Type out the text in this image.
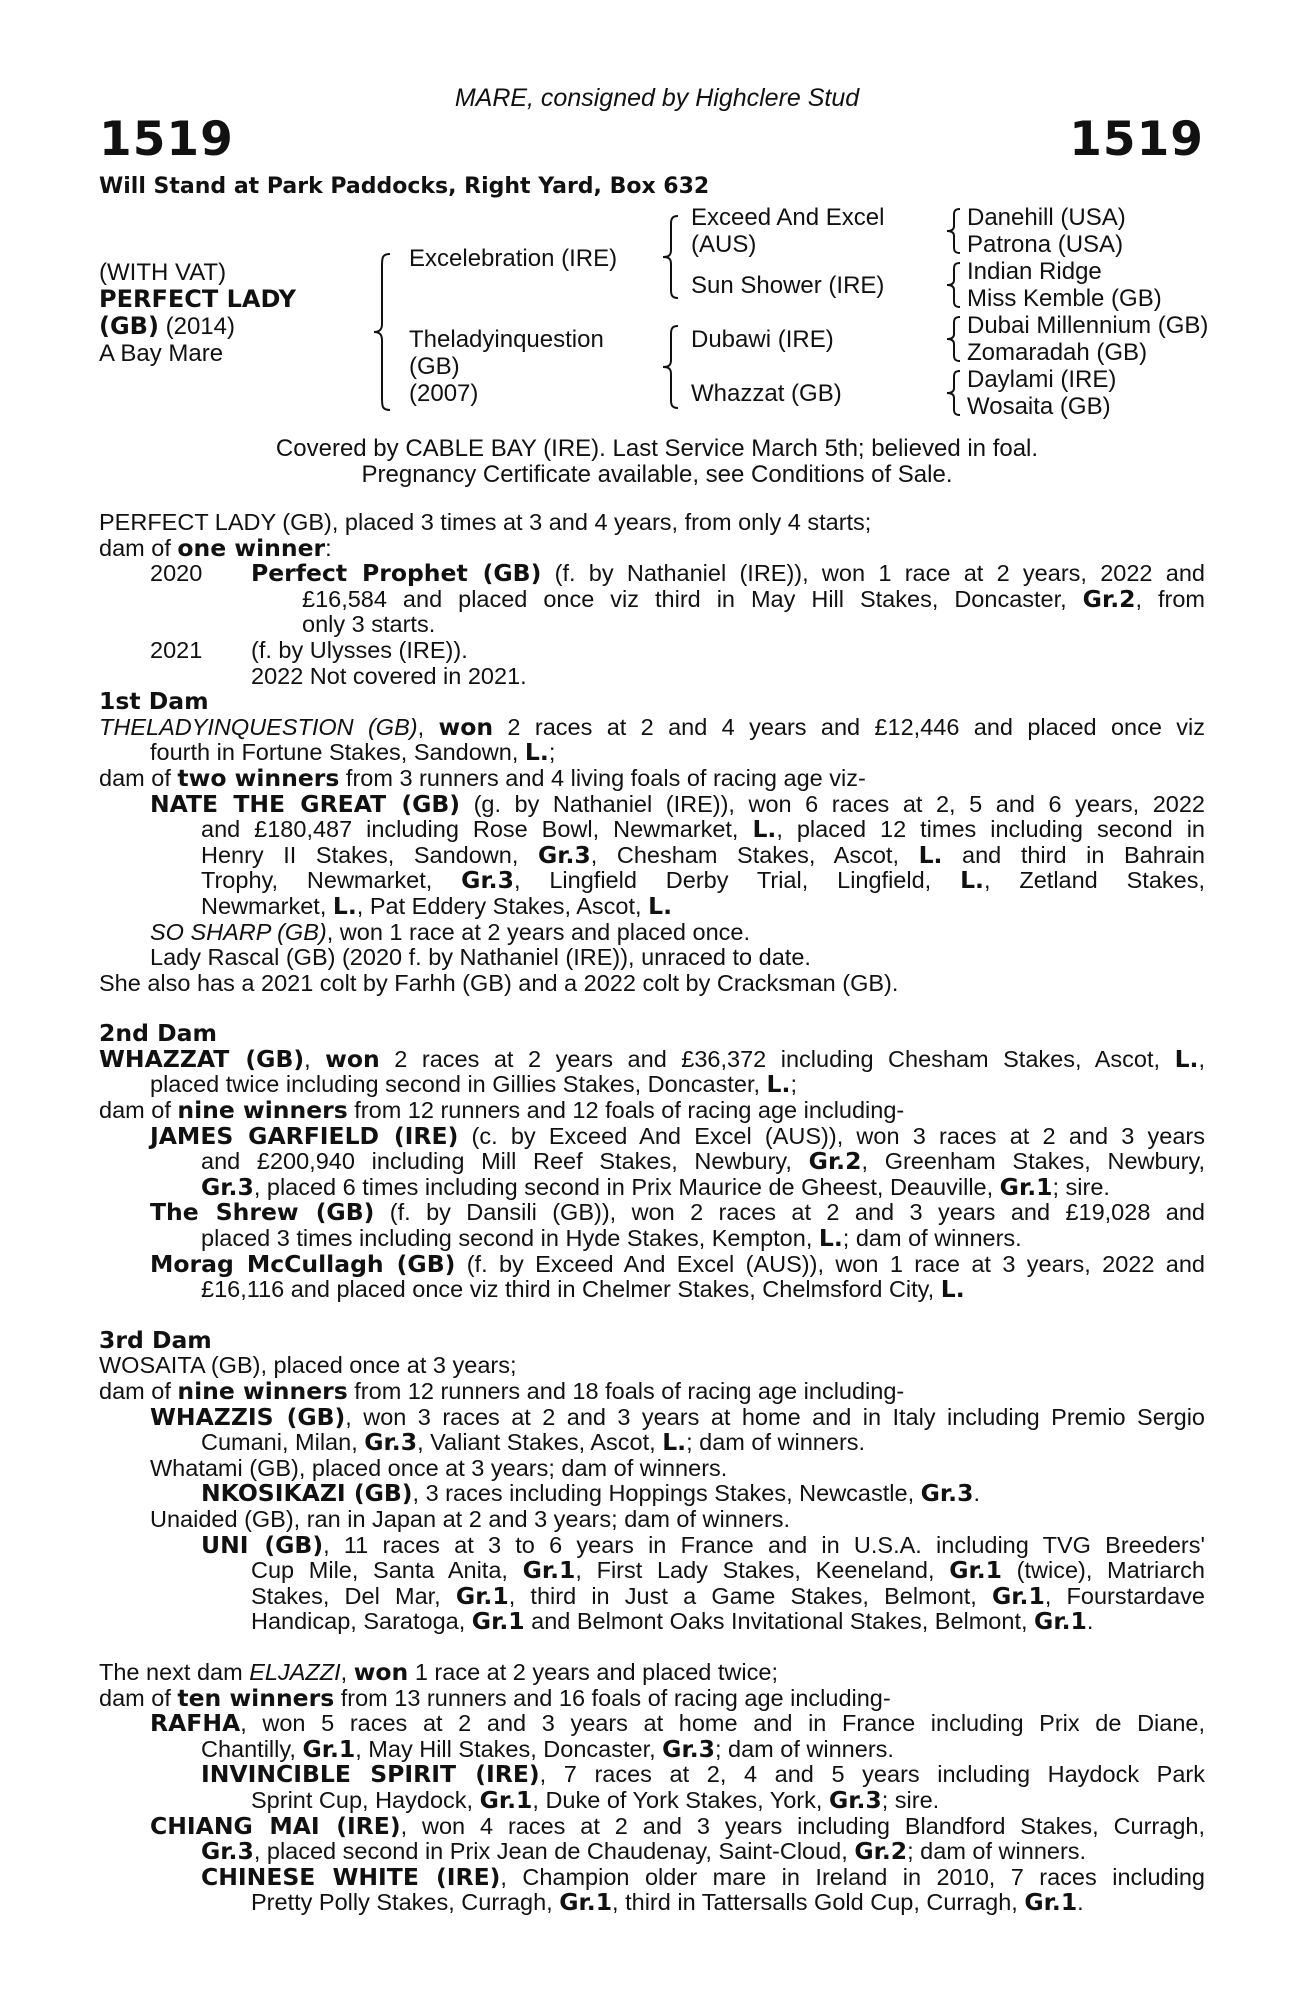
MARE, consigned by Highclere Stud
1519	1519
Will Stand at Park Paddocks, Right Yard, Box 632
(WITH VAT)
PERFECT LADY
(GB) (2014)
A Bay Mare
Excelebration (IRE)
Theladyinquestion
(GB)
(2007)
Exceed And Excel
(AUS)
Sun Shower (IRE)
Dubawi (IRE)
Whazzat (GB)
Danehill (USA)
Patrona (USA)
Indian Ridge
Miss Kemble (GB)
Dubai Millennium (GB)
Zomaradah (GB)
Daylami (IRE)
Wosaita (GB)
Covered by CABLE BAY (IRE). Last Service March 5th; believed in foal.
Pregnancy Certificate available, see Conditions of Sale.
PERFECT LADY (GB), placed 3 times at 3 and 4 years, from only 4 starts;
dam of one winner:
2020	Perfect Prophet (GB) (f. by Nathaniel (IRE)), won 1 race at 2 years, 2022 and
£16,584 and placed once viz third in May Hill Stakes, Doncaster, Gr.2, from
only 3 starts.
2021	(f. by Ulysses (IRE)).
2022 Not covered in 2021.
1st Dam
THELADYINQUESTION (GB), won 2 races at 2 and 4 years and £12,446 and placed once viz
fourth in Fortune Stakes, Sandown, L.;
dam of two winners from 3 runners and 4 living foals of racing age viz-
NATE THE GREAT (GB) (g. by Nathaniel (IRE)), won 6 races at 2, 5 and 6 years, 2022
and £180,487 including Rose Bowl, Newmarket, L., placed 12 times including second in
Henry II Stakes, Sandown, Gr.3, Chesham Stakes, Ascot, L. and third in Bahrain
Trophy, Newmarket, Gr.3, Lingfield Derby Trial, Lingfield, L., Zetland Stakes,
Newmarket, L., Pat Eddery Stakes, Ascot, L.
SO SHARP (GB), won 1 race at 2 years and placed once.
Lady Rascal (GB) (2020 f. by Nathaniel (IRE)), unraced to date.
She also has a 2021 colt by Farhh (GB) and a 2022 colt by Cracksman (GB).
2nd Dam
WHAZZAT (GB), won 2 races at 2 years and £36,372 including Chesham Stakes, Ascot, L.,
placed twice including second in Gillies Stakes, Doncaster, L.;
dam of nine winners from 12 runners and 12 foals of racing age including-
JAMES GARFIELD (IRE) (c. by Exceed And Excel (AUS)), won 3 races at 2 and 3 years
and £200,940 including Mill Reef Stakes, Newbury, Gr.2, Greenham Stakes, Newbury,
Gr.3, placed 6 times including second in Prix Maurice de Gheest, Deauville, Gr.1; sire.
The Shrew (GB) (f. by Dansili (GB)), won 2 races at 2 and 3 years and £19,028 and
placed 3 times including second in Hyde Stakes, Kempton, L.; dam of winners.
Morag McCullagh (GB) (f. by Exceed And Excel (AUS)), won 1 race at 3 years, 2022 and
£16,116 and placed once viz third in Chelmer Stakes, Chelmsford City, L.
3rd Dam
WOSAITA (GB), placed once at 3 years;
dam of nine winners from 12 runners and 18 foals of racing age including-
WHAZZIS (GB), won 3 races at 2 and 3 years at home and in Italy including Premio Sergio
Cumani, Milan, Gr.3, Valiant Stakes, Ascot, L.; dam of winners.
Whatami (GB), placed once at 3 years; dam of winners.
NKOSIKAZI (GB), 3 races including Hoppings Stakes, Newcastle, Gr.3.
Unaided (GB), ran in Japan at 2 and 3 years; dam of winners.
UNI (GB), 11 races at 3 to 6 years in France and in U.S.A. including TVG Breeders'
Cup Mile, Santa Anita, Gr.1, First Lady Stakes, Keeneland, Gr.1 (twice), Matriarch
Stakes, Del Mar, Gr.1, third in Just a Game Stakes, Belmont, Gr.1, Fourstardave
Handicap, Saratoga, Gr.1 and Belmont Oaks Invitational Stakes, Belmont, Gr.1.
The next dam ELJAZZI, won 1 race at 2 years and placed twice;
dam of ten winners from 13 runners and 16 foals of racing age including-
RAFHA, won 5 races at 2 and 3 years at home and in France including Prix de Diane,
Chantilly, Gr.1, May Hill Stakes, Doncaster, Gr.3; dam of winners.
INVINCIBLE SPIRIT (IRE), 7 races at 2, 4 and 5 years including Haydock Park
Sprint Cup, Haydock, Gr.1, Duke of York Stakes, York, Gr.3; sire.
CHIANG MAI (IRE), won 4 races at 2 and 3 years including Blandford Stakes, Curragh,
Gr.3, placed second in Prix Jean de Chaudenay, Saint-Cloud, Gr.2; dam of winners.
CHINESE WHITE (IRE), Champion older mare in Ireland in 2010, 7 races including
Pretty Polly Stakes, Curragh, Gr.1, third in Tattersalls Gold Cup, Curragh, Gr.1.
